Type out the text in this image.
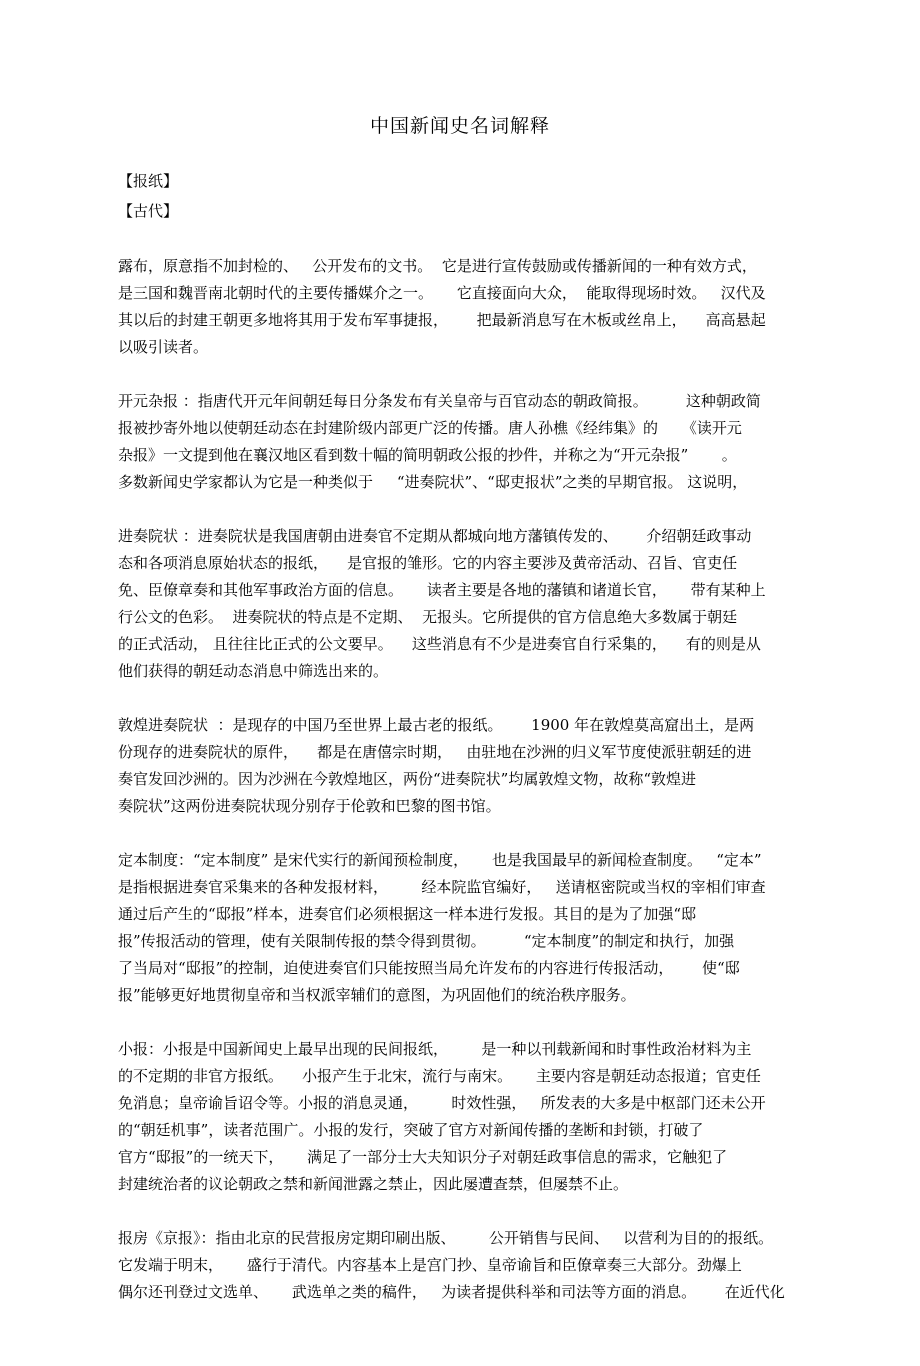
中国新闻史名词解释
【报纸】
【古代】
露布，原意指不加封检的、   公开发布的文书。  它是进行宣传鼓励或传播新闻的一种有效方式，
是三国和魏晋南北朝时代的主要传播媒介之一。     它直接面向大众，  能取得现场时效。   汉代及
其以后的封建王朝更多地将其用于发布军事捷报，      把最新消息写在木板或丝帛上，    高高悬起
以吸引读者。
开元杂报 ：指唐代开元年间朝廷每日分条发布有关皇帝与百官动态的朝政简报。        这种朝政简
报被抄寄外地以使朝廷动态在封建阶级内部更广泛的传播。唐人孙樵《经纬集》的     《读开元
杂报》一文提到他在襄汉地区看到数十幅的简明朝政公报的抄件，并称之为“开元杂报”       。
多数新闻史学家都认为它是一种类似于     “进奏院状”、“邸吏报状”之类的早期官报。 这说明，
进奏院状 ：进奏院状是我国唐朝由进奏官不定期从都城向地方藩镇传发的、      介绍朝廷政事动
态和各项消息原始状态的报纸，    是官报的雏形。它的内容主要涉及黄帝活动、召旨、官吏任
免、臣僚章奏和其他军事政治方面的信息。     读者主要是各地的藩镇和诸道长官，     带有某种上
行公文的色彩。  进奏院状的特点是不定期、  无报头。它所提供的官方信息绝大多数属于朝廷
的正式活动， 且往往比正式的公文要早。    这些消息有不少是进奏官自行采集的，    有的则是从
他们获得的朝廷动态消息中筛选出来的。
敦煌进奏院状  ：是现存的中国乃至世界上最古老的报纸。      1900 年在敦煌莫高窟出土，是两
份现存的进奏院状的原件，    都是在唐僖宗时期，   由驻地在沙洲的归义军节度使派驻朝廷的进
奏官发回沙洲的。因为沙洲在今敦煌地区，两份“进奏院状”均属敦煌文物，故称“敦煌进
奏院状”这两份进奏院状现分别存于伦敦和巴黎的图书馆。
定本制度：“定本制度” 是宋代实行的新闻预检制度，     也是我国最早的新闻检查制度。   “定本”
是指根据进奏官采集来的各种发报材料，       经本院监官编好，   送请枢密院或当权的宰相们审查
通过后产生的“邸报”样本，进奏官们必须根据这一样本进行发报。其目的是为了加强“邸
报”传报活动的管理，使有关限制传报的禁令得到贯彻。        “定本制度”的制定和执行，加强
了当局对“邸报”的控制，迫使进奏官们只能按照当局允许发布的内容进行传报活动，      使“邸
报”能够更好地贯彻皇帝和当权派宰辅们的意图，为巩固他们的统治秩序服务。
小报：小报是中国新闻史上最早出现的民间报纸，       是一种以刊载新闻和时事性政治材料为主
的不定期的非官方报纸。    小报产生于北宋，流行与南宋。     主要内容是朝廷动态报道；官吏任
免消息；皇帝谕旨诏令等。小报的消息灵通，       时效性强，   所发表的大多是中枢部门还未公开
的“朝廷机事”，读者范围广。小报的发行，突破了官方对新闻传播的垄断和封锁，打破了
官方“邸报”的一统天下，     满足了一部分士大夫知识分子对朝廷政事信息的需求，它触犯了
封建统治者的议论朝政之禁和新闻泄露之禁止，因此屡遭查禁，但屡禁不止。
报房《京报》：指由北京的民营报房定期印刷出版、       公开销售与民间、   以营利为目的的报纸。
它发端于明末，     盛行于清代。内容基本上是宫门抄、皇帝谕旨和臣僚章奏三大部分。劲爆上
偶尔还刊登过文选单、     武选单之类的稿件，   为读者提供科举和司法等方面的消息。      在近代化
